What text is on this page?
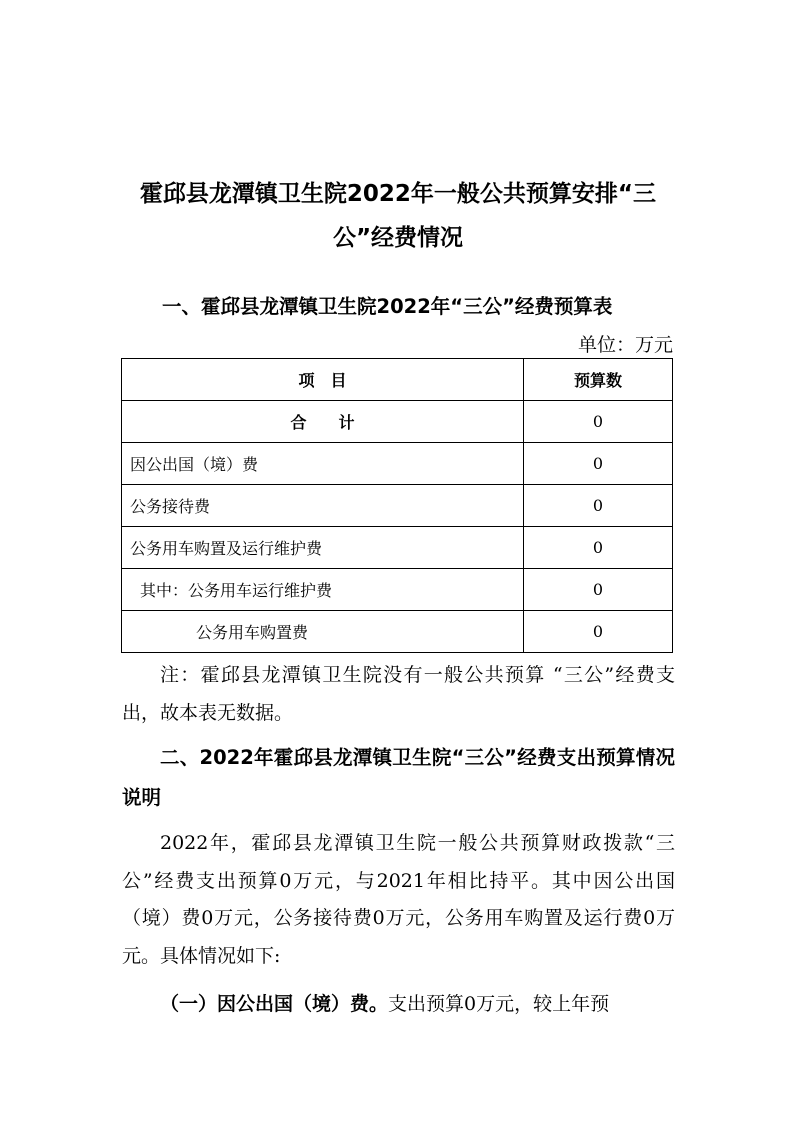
霍邱县龙潭镇卫生院2022年一般公共预算安排“三公”经费情况
一、霍邱县龙潭镇卫生院2022年“三公”经费预算表
单位：万元
项　目	预算数
合　　计	0
因公出国（境）费	0
公务接待费	0
公务用车购置及运行维护费	0
其中：公务用车运行维护费	0
公务用车购置费	0
注：霍邱县龙潭镇卫生院没有一般公共预算 “三公”经费支出，故本表无数据。
二、2022年霍邱县龙潭镇卫生院“三公”经费支出预算情况说明
2022年，霍邱县龙潭镇卫生院一般公共预算财政拨款“三公”经费支出预算0万元，与2021年相比持平。其中因公出国（境）费0万元，公务接待费0万元，公务用车购置及运行费0万元。具体情况如下:
（一）因公出国（境）费。支出预算0万元，较上年预
